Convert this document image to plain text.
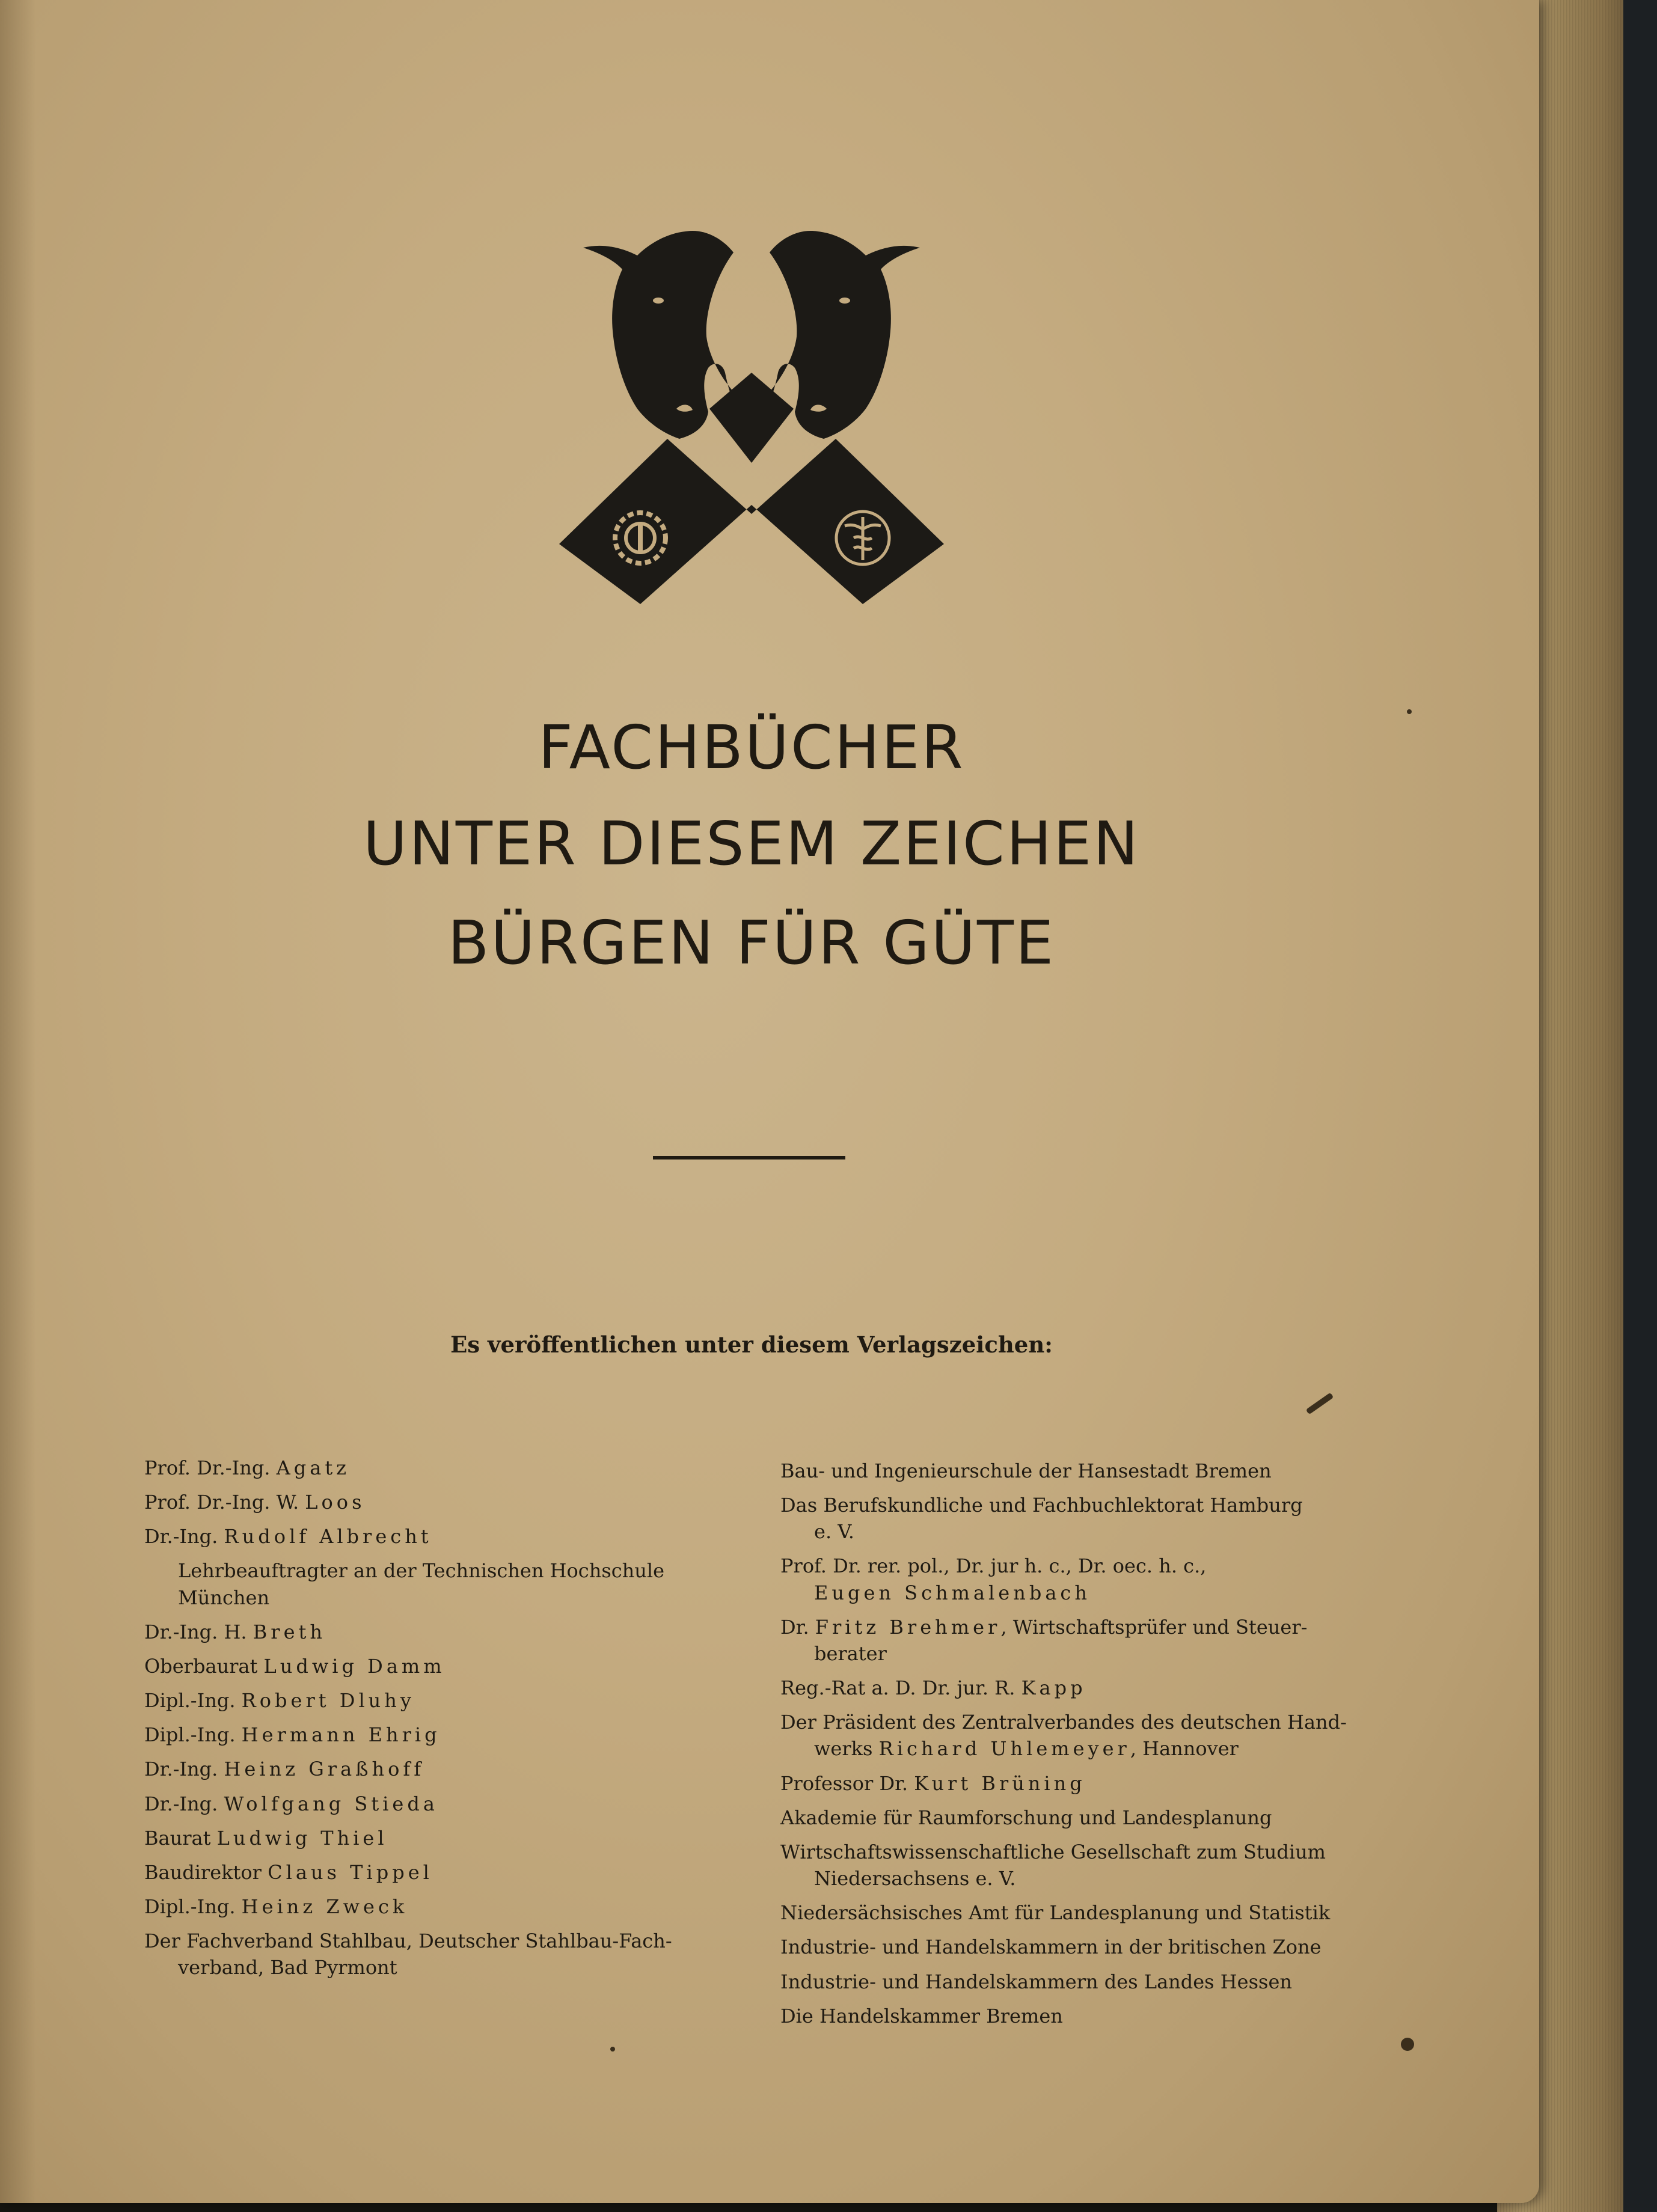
FACHBÜCHER
UNTER DIESEM ZEICHEN
BÜRGEN FÜR GÜTE
Es veröffentlichen unter diesem Verlagszeichen:
Prof. Dr.-Ing. Agatz
Prof. Dr.-Ing. W. Loos
Dr.-Ing. Rudolf Albrecht
Lehrbeauftragter an der Technischen Hochschule München
Dr.-Ing. H. Breth
Oberbaurat Ludwig Damm
Dipl.-Ing. Robert Dluhy
Dipl.-Ing. Hermann Ehrig
Dr.-Ing. Heinz Graßhoff
Dr.-Ing. Wolfgang Stieda
Baurat Ludwig Thiel
Baudirektor Claus Tippel
Dipl.-Ing. Heinz Zweck
Der Fachverband Stahlbau, Deutscher Stahlbau-Fach-
verband, Bad Pyrmont
Bau- und Ingenieurschule der Hansestadt Bremen
Das Berufskundliche und Fachbuchlektorat Hamburg
e. V.
Prof. Dr. rer. pol., Dr. jur h. c., Dr. oec. h. c.,
Eugen Schmalenbach
Dr. Fritz Brehmer, Wirtschaftsprüfer und Steuer-
berater
Reg.-Rat a. D. Dr. jur. R. Kapp
Der Präsident des Zentralverbandes des deutschen Hand-
werks Richard Uhlemeyer, Hannover
Professor Dr. Kurt Brüning
Akademie für Raumforschung und Landesplanung
Wirtschaftswissenschaftliche Gesellschaft zum Studium
Niedersachsens e. V.
Niedersächsisches Amt für Landesplanung und Statistik
Industrie- und Handelskammern in der britischen Zone
Industrie- und Handelskammern des Landes Hessen
Die Handelskammer Bremen
